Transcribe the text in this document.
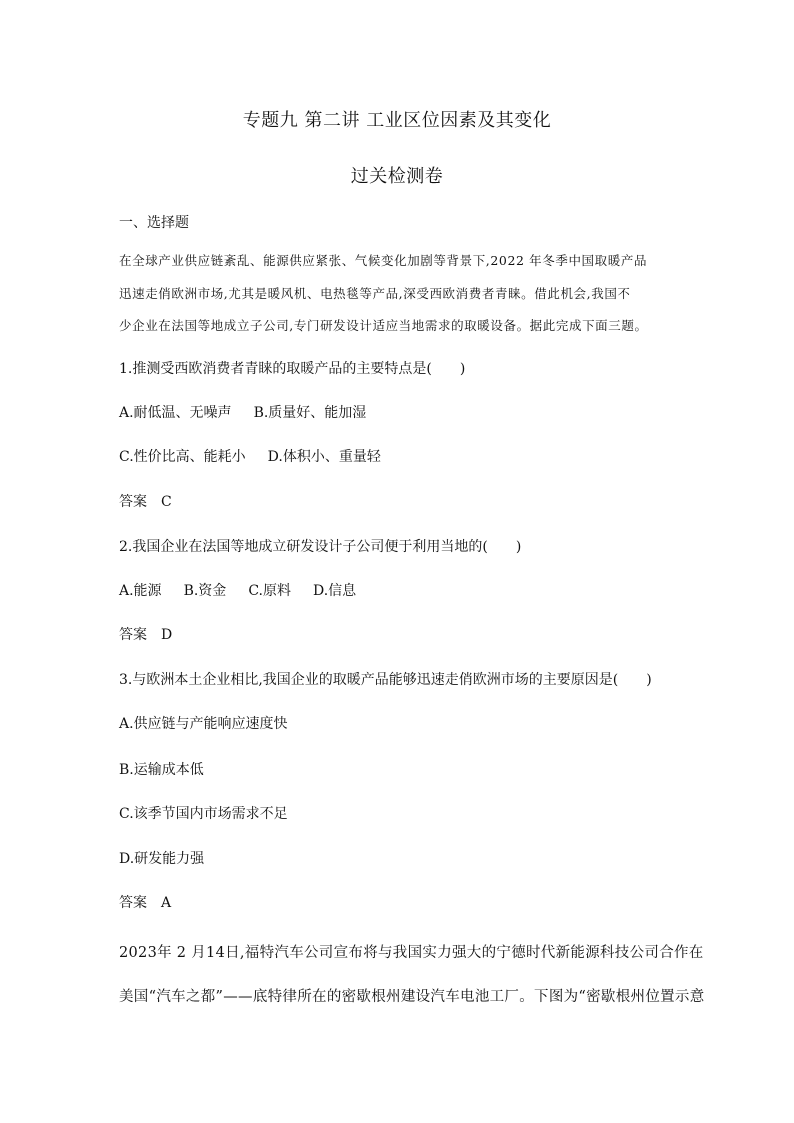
专题九 第二讲 工业区位因素及其变化
过关检测卷
一、选择题
在全球产业供应链紊乱、能源供应紧张、气候变化加剧等背景下,2022 年冬季中国取暖产品
迅速走俏欧洲市场,尤其是暖风机、电热毯等产品,深受西欧消费者青睐。借此机会,我国不
少企业在法国等地成立子公司,专门研发设计适应当地需求的取暖设备。据此完成下面三题。
1.推测受西欧消费者青睐的取暖产品的主要特点是(　　)
A.耐低温、无噪声 B.质量好、能加湿
C.性价比高、能耗小 D.体积小、重量轻
答案 C
2.我国企业在法国等地成立研发设计子公司便于利用当地的(　　)
A.能源 B.资金 C.原料 D.信息
答案 D
3.与欧洲本土企业相比,我国企业的取暖产品能够迅速走俏欧洲市场的主要原因是(　　)
A.供应链与产能响应速度快
B.运输成本低
C.该季节国内市场需求不足
D.研发能力强
答案 A
2023年 2 月14日,福特汽车公司宣布将与我国实力强大的宁德时代新能源科技公司合作在
美国“汽车之都”——底特律所在的密歇根州建设汽车电池工厂。下图为“密歇根州位置示意
